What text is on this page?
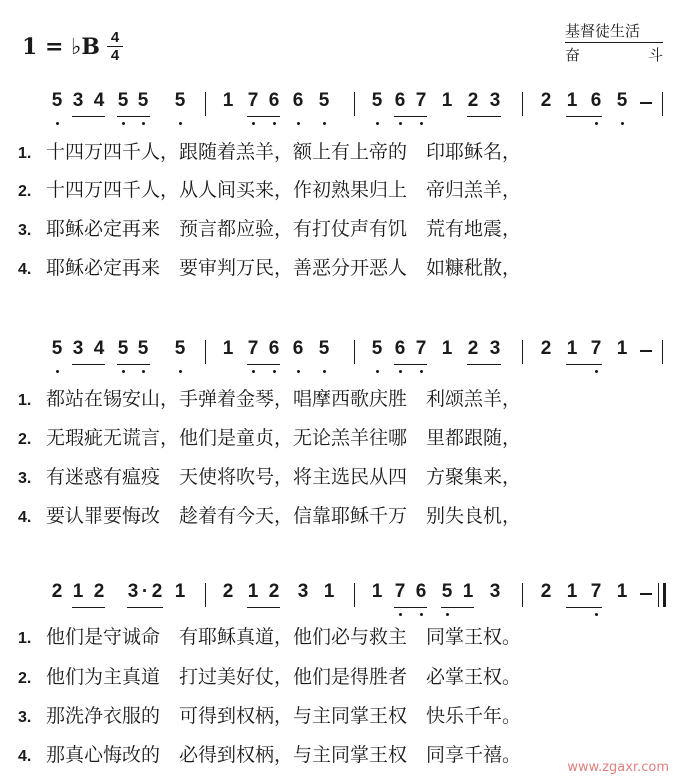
1 = ♭B 4
4
基督徒生活
奋	斗
5 3 4 5 5 5 1 7 6 6 5 5 6 7 1 2 3 2 1 6 5
1. 十四万四千人，跟随着羔羊，额上有上帝的　印耶稣名，
2. 十四万四千人，从人间买来，作初熟果归上　帝归羔羊，
3. 耶稣必定再来　预言都应验，有打仗声有饥　荒有地震，
4. 耶稣必定再来　要审判万民，善恶分开恶人　如糠秕散，
5 3 4 5 5 5 1 7 6 6 5 5 6 7 1 2 3 2 1 7 1
1. 都站在锡安山，手弹着金琴，唱摩西歌庆胜　利颂羔羊，
2. 无瑕疵无谎言，他们是童贞，无论羔羊往哪　里都跟随，
3. 有迷惑有瘟疫　天使将吹号，将主选民从四　方聚集来，
4. 要认罪要悔改　趁着有今天，信靠耶稣千万　别失良机，
2 1 2 3 · 2 1 2 1 2 3 1 1 7 6 5 1 3 2 1 7 1
1. 他们是守诚命　有耶稣真道，他们必与救主　同掌王权。
2. 他们为主真道　打过美好仗，他们是得胜者　必掌王权。
3. 那洗净衣服的　可得到权柄，与主同掌王权　快乐千年。
4. 那真心悔改的　必得到权柄，与主同掌王权　同享千禧。
www.zgaxr.com
